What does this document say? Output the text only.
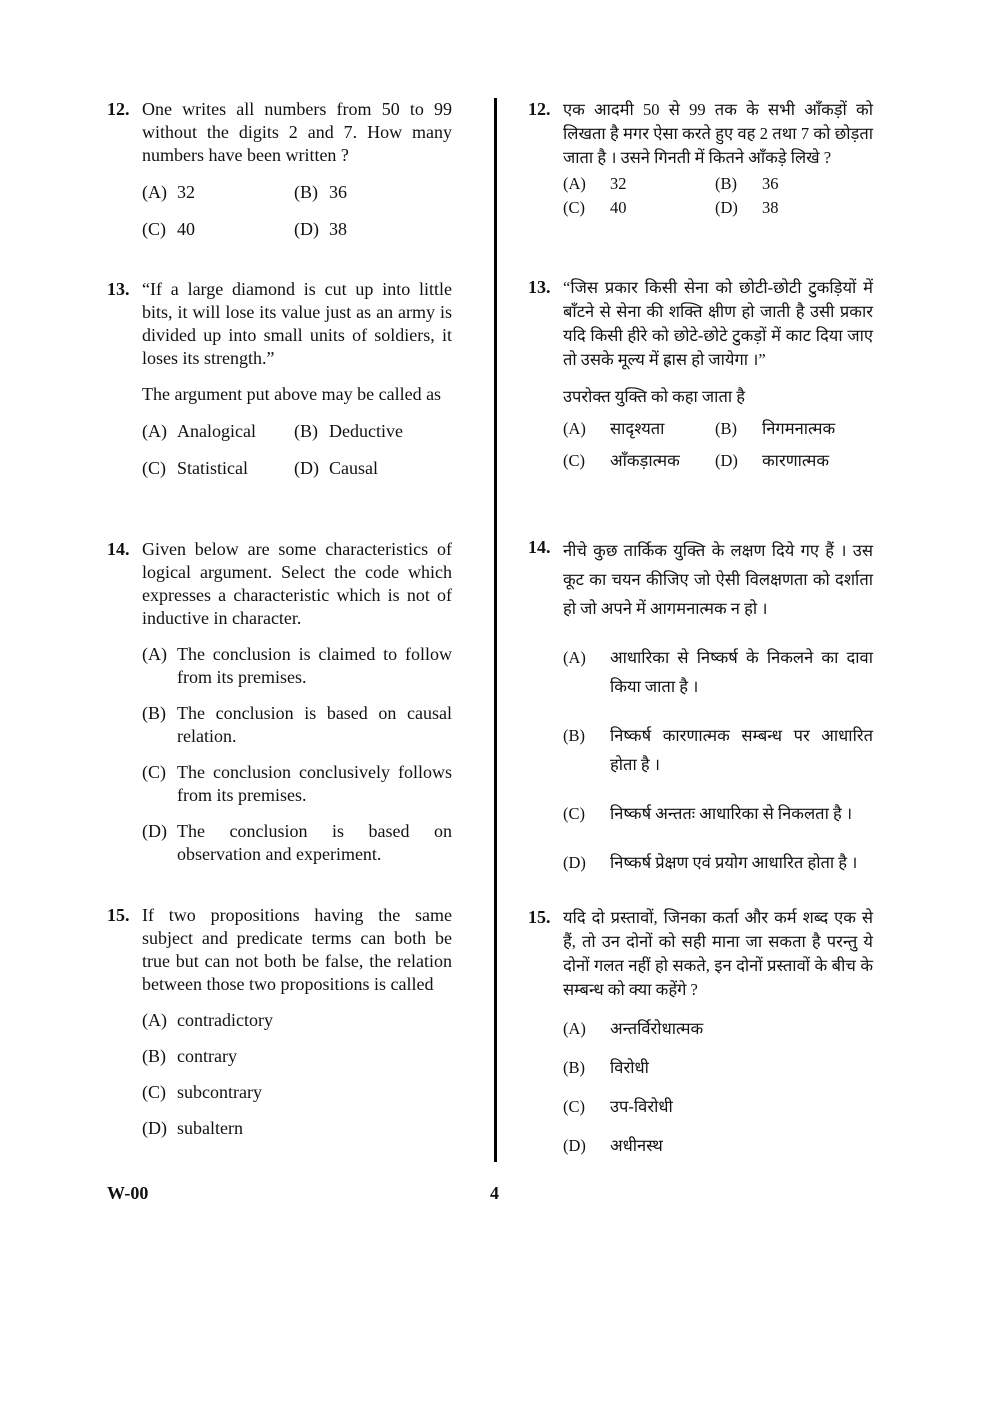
12. One writes all numbers from 50 to 99 without the digits 2 and 7. How many numbers have been written ?
(A) 32	(B) 36
(C) 40	(D) 38
13. “If a large diamond is cut up into little bits, it will lose its value just as an army is divided up into small units of soldiers, it loses its strength.”
The argument put above may be called as
(A) Analogical (B) Deductive
(C) Statistical	(D) Causal
14. Given below are some characteristics of logical argument. Select the code which expresses a characteristic which is not of inductive in character.
(A) The conclusion is claimed to follow from its premises.
(B) The conclusion is based on causal relation.
(C) The conclusion conclusively follows from its premises.
(D) The conclusion is based on observation and experiment.
15. If two propositions having the same subject and predicate terms can both be true but can not both be false, the relation between those two propositions is called
(A) contradictory
(B) contrary
(C) subcontrary
(D) subaltern
12. एक आदमी 50 से 99 तक के सभी आँकड़ों को लिखता है मगर ऐसा करते हुए वह 2 तथा 7 को छोड़ता जाता है । उसने गिनती में कितने आँकड़े लिखे ?
(A)	32	(B)	36
(C)	40	(D)	38
13. “जिस प्रकार किसी सेना को छोटी-छोटी टुकड़ियों में बाँटने से सेना की शक्ति क्षीण हो जाती है उसी प्रकार यदि किसी हीरे को छोटे-छोटे टुकड़ों में काट दिया जाए तो उसके मूल्य में ह्रास हो जायेगा ।”
उपरोक्त युक्ति को कहा जाता है
(A)	सादृश्यता	(B)	निगमनात्मक
(C)	आँकड़ात्मक (D)	कारणात्मक
14. नीचे कुछ तार्किक युक्ति के लक्षण दिये गए हैं । उस कूट का चयन कीजिए जो ऐसी विलक्षणता को दर्शाता हो जो अपने में आगमनात्मक न हो ।
(A)	आधारिका से निष्कर्ष के निकलने का दावा किया जाता है ।
(B)	निष्कर्ष कारणात्मक सम्बन्ध पर आधारित होता है ।
(C)	निष्कर्ष अन्ततः आधारिका से निकलता है ।
(D)	निष्कर्ष प्रेक्षण एवं प्रयोग आधारित होता है ।
15. यदि दो प्रस्तावों, जिनका कर्ता और कर्म शब्द एक से हैं, तो उन दोनों को सही माना जा सकता है परन्तु ये दोनों गलत नहीं हो सकते, इन दोनों प्रस्तावों के बीच के सम्बन्ध को क्या कहेंगे ?
(A)	अन्तर्विरोधात्मक
(B)	विरोधी
(C)	उप-विरोधी
(D)	अधीनस्थ
W-00	4
